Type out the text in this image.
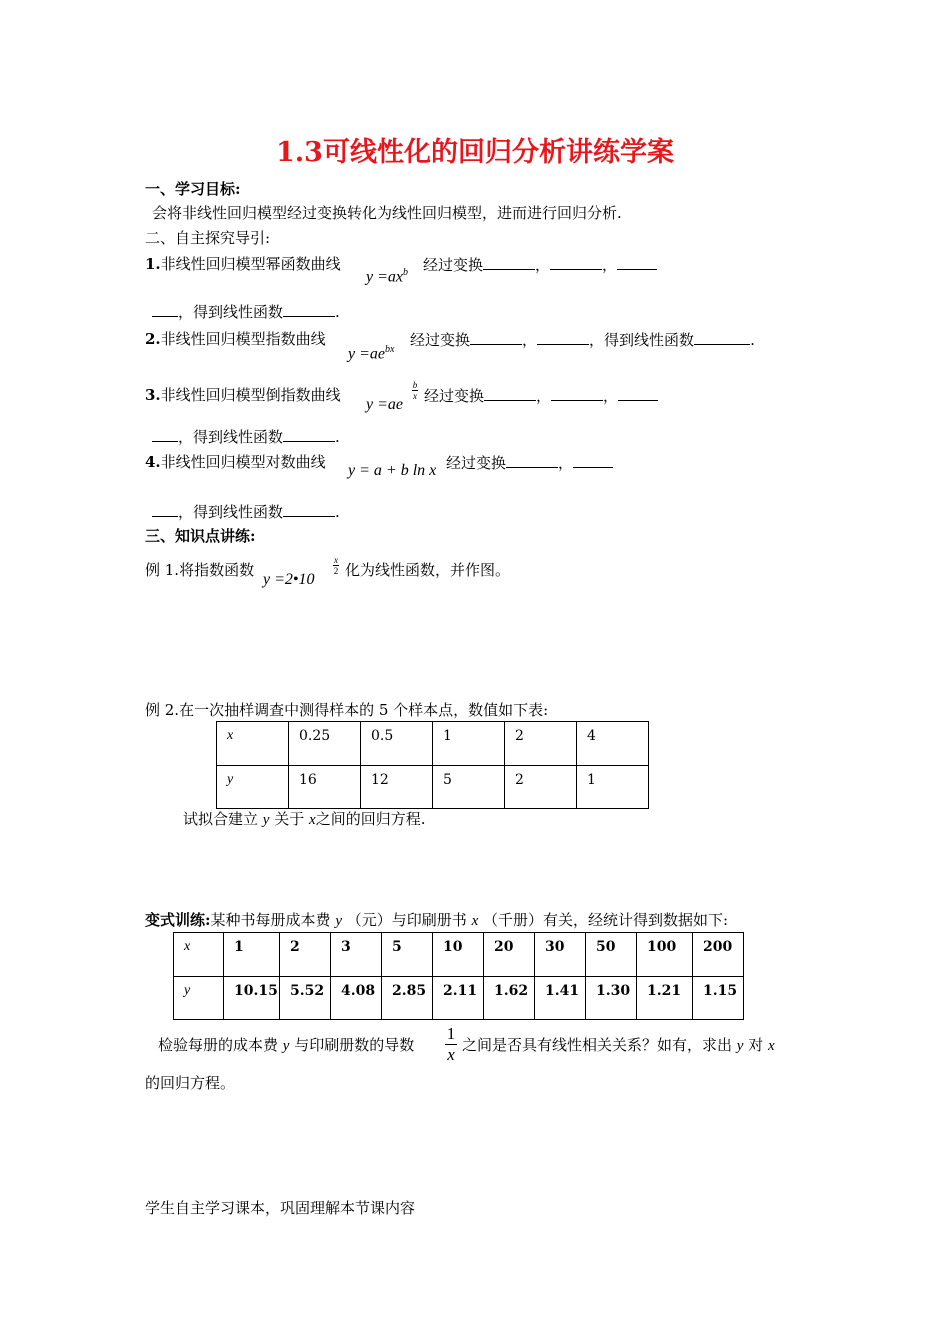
1.3可线性化的回归分析讲练学案
一、学习目标:
会将非线性回归模型经过变换转化为线性回归模型，进而进行回归分析.
二、自主探究导引:
1.非线性回归模型幂函数曲线
$y =ax^b$ 经过变换	，	，
，得到线性函数	.
2.非线性回归模型指数曲线
$y =ae^{bx}$
经过变换	，	，得到线性函数	.
3.非线性回归模型倒指数曲线
y =ae
b
x 经过变换	，	，
，得到线性函数	.
4.非线性回归模型对数曲线 y = a + b ln x 经过变换	，
，得到线性函数	.
三、知识点讲练:
例 1.将指数函数
y =2•10
x
2 化为线性函数，并作图。
例 2.在一次抽样调查中测得样本的 5 个样本点，数值如下表:
x	0.25	0.5	1	2	4
y	16	12	5	2	1
试拟合建立 y 关于 x之间的回归方程.
变式训练:某种书每册成本费 y （元）与印刷册书 x （千册）有关，经统计得到数据如下:
x	1	2	3	5	10	20	30	50	100	200
y	10.15	5.52	4.08	2.85	2.11	1.62	1.41	1.30	1.21	1.15
检验每册的成本费 y 与印刷册数的导数
1
x 之间是否具有线性相关关系？如有，求出 y 对 x
的回归方程。
学生自主学习课本，巩固理解本节课内容
